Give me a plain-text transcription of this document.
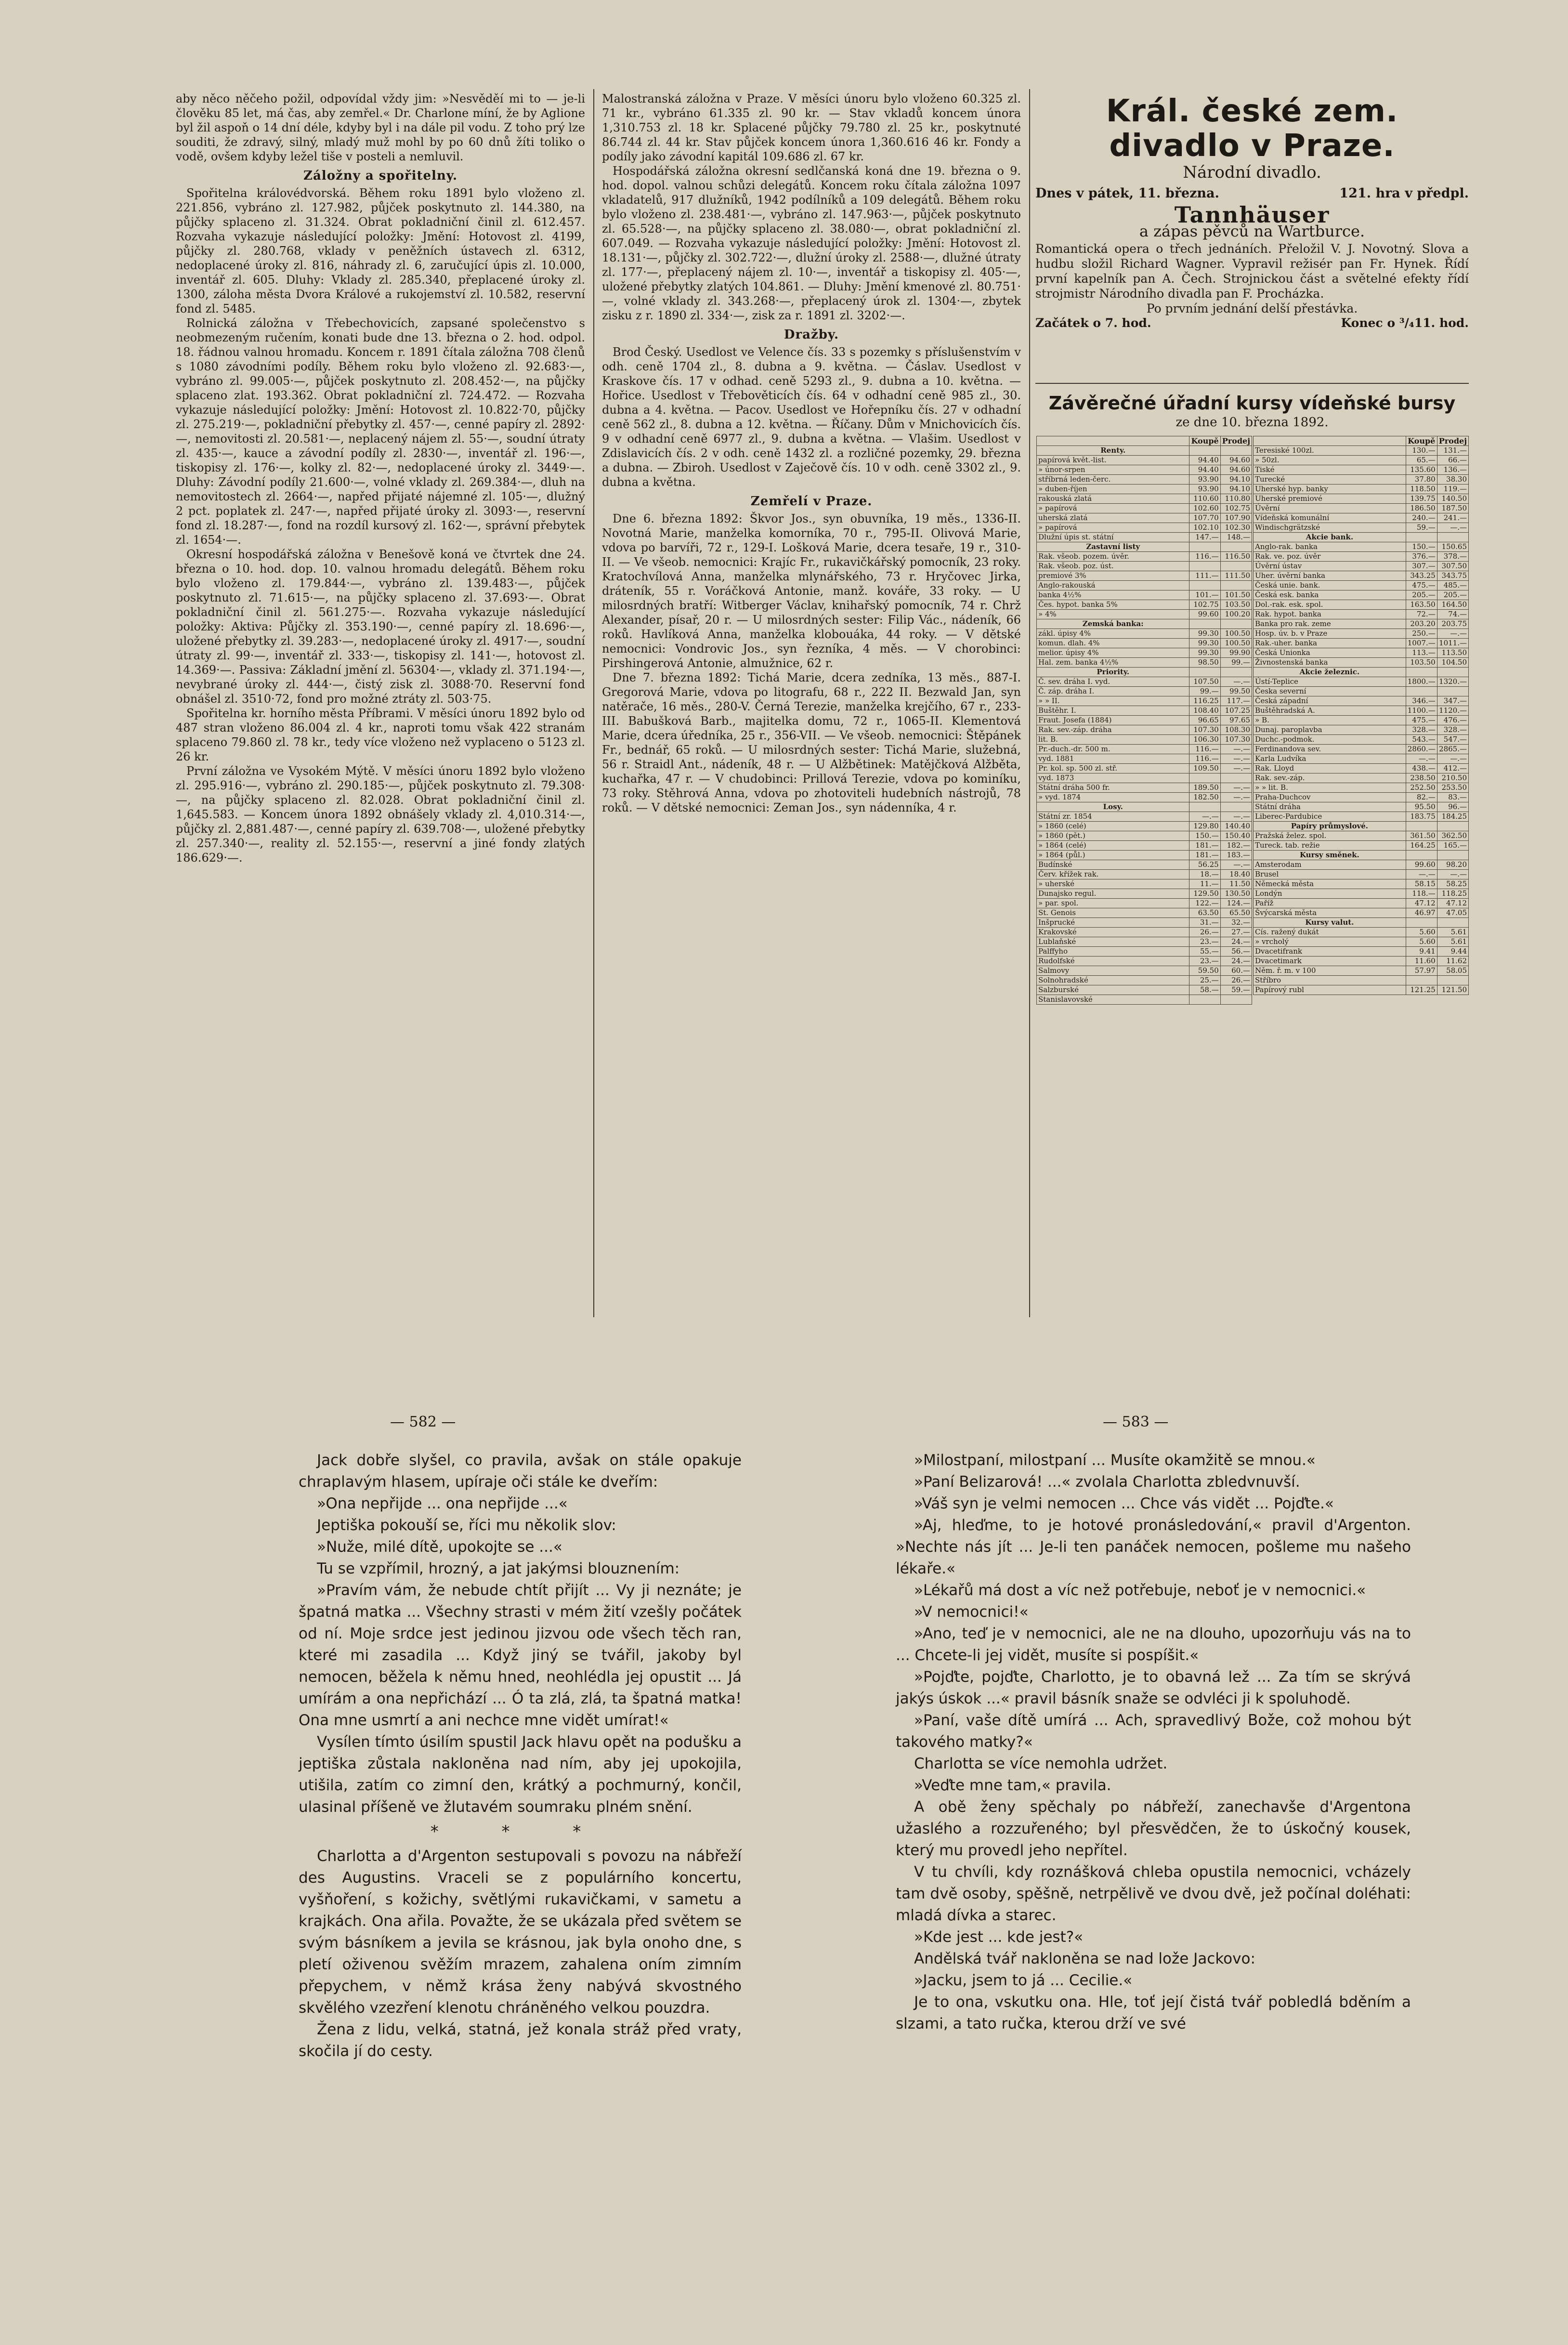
aby něco něčeho požil, odpovídal vždy jim: »Nesvěděí mi to — je-li člověku 85 let, má čas, aby zemřel.« Dr. Charlone míní, že by Aglione byl žil aspoň o 14 dní déle, kdyby byl i na dále pil vodu. Z toho prý lze souditi, že zdravý, silný, mladý muž mohl by po 60 dnů žíti toliko o vodě, ovšem kdyby ležel tiše v posteli a nemluvil.

Záložny a spořitelny.

Spořitelna královédvorská. Během roku 1891 bylo vloženo zl. 221.856, vybráno zl. 127.982, půjček poskytnuto zl. 144.380, na půjčky splaceno zl. 31.324. Obrat pokladniční činil zl. 612.457. Rozvaha vykazuje následující položky: Jmění: Hotovost zl. 4199, půjčky zl. 280.768, vklady v peněžních ústavech zl. 6312, nedoplacené úroky zl. 816, náhrady zl. 6, zaručující úpis zl. 10.000, inventář zl. 605. Dluhy: Vklady zl. 285.340, přeplacené úroky zl. 1300, záloha města Dvora Králové a rukojemství zl. 10.582, reservní fond zl. 5485.

Rolnická záložna v Třebechovicích, zapsané společenstvo s neobmezeným ručením, konati bude dne 13. března o 2. hod. odpol. 18. řádnou valnou hromadu. Koncem r. 1891 čítala záložna 708 členů s 1080 závodními podíly. Během roku bylo vloženo zl. 92.683·—, vybráno zl. 99.005·—, půjček poskytnuto zl. 208.452·—, na půjčky splaceno zlat. 193.362. Obrat pokladniční zl. 724.472. — Rozvaha vykazuje následující položky: Jmění: Hotovost zl. 10.822·70, půjčky zl. 275.219·—, pokladniční přebytky zl. 457·—, cenné papíry zl. 2892·—, nemovitosti zl. 20.581·—, neplacený nájem zl. 55·—, soudní útraty zl. 435·—, kauce a závodní podíly zl. 2830·—, inventář zl. 196·—, tiskopisy zl. 176·—, kolky zl. 82·—, nedoplacené úroky zl. 3449·—. Dluhy: Závodní podíly 21.600·—, volné vklady zl. 269.384·—, dluh na nemovitostech zl. 2664·—, napřed přijaté nájemné zl. 105·—, dlužný 2 pct. poplatek zl. 247·—, napřed přijaté úroky zl. 3093·—, reservní fond zl. 18.287·—, fond na rozdíl kursový zl. 162·—, správní přebytek zl. 1654·—.

Okresní hospodářská záložna v Benešově koná ve čtvrtek dne 24. března o 10. hod. dop. 10. valnou hromadu delegátů. Během roku bylo vloženo zl. 179.844·—, vybráno zl. 139.483·—, půjček poskytnuto zl. 71.615·—, na půjčky splaceno zl. 37.693·—. Obrat pokladniční činil zl. 561.275·—. Rozvaha vykazuje následující položky: Aktiva: Půjčky zl. 353.190·—, cenné papíry zl. 18.696·—, uložené přebytky zl. 39.283·—, nedoplacené úroky zl. 4917·—, soudní útraty zl. 99·—, inventář zl. 333·—, tiskopisy zl. 141·—, hotovost zl. 14.369·—. Passiva: Základní jmění zl. 56304·—, vklady zl. 371.194·—, nevybrané úroky zl. 444·—, čistý zisk zl. 3088·70. Reservní fond obnášel zl. 3510·72, fond pro možné ztráty zl. 503·75.

Spořitelna kr. horního města Příbrami. V měsíci únoru 1892 bylo od 487 stran vloženo 86.004 zl. 4 kr., naproti tomu však 422 stranám splaceno 79.860 zl. 78 kr., tedy více vloženo než vyplaceno o 5123 zl. 26 kr.

První záložna ve Vysokém Mýtě. V měsíci únoru 1892 bylo vloženo zl. 295.916·—, vybráno zl. 290.185·—, půjček poskytnuto zl. 79.308·—, na půjčky splaceno zl. 82.028. Obrat pokladniční činil zl. 1,645.583. — Koncem února 1892 obnášely vklady zl. 4,010.314·—, půjčky zl. 2,881.487·—, cenné papíry zl. 639.708·—, uložené přebytky zl. 257.340·—, reality zl. 52.155·—, reservní a jiné fondy zlatých 186.629·—.

Malostranská záložna v Praze. V měsíci únoru bylo vloženo 60.325 zl. 71 kr., vybráno 61.335 zl. 90 kr. — Stav vkladů koncem února 1,310.753 zl. 18 kr. Splacené půjčky 79.780 zl. 25 kr., poskytnuté 86.744 zl. 44 kr. Stav půjček koncem února 1,360.616 46 kr. Fondy a podíly jako závodní kapitál 109.686 zl. 67 kr.

Hospodářská záložna okresní sedlčanská koná dne 19. března o 9. hod. dopol. valnou schůzi delegátů. Koncem roku čítala záložna 1097 vkladatelů, 917 dlužníků, 1942 podílníků a 109 delegátů. Během roku bylo vloženo zl. 238.481·—, vybráno zl. 147.963·—, půjček poskytnuto zl. 65.528·—, na půjčky splaceno zl. 38.080·—, obrat pokladniční zl. 607.049. — Rozvaha vykazuje následující položky: Jmění: Hotovost zl. 18.131·—, půjčky zl. 302.722·—, dlužní úroky zl. 2588·—, dlužné útraty zl. 177·—, přeplacený nájem zl. 10·—, inventář a tiskopisy zl. 405·—, uložené přebytky zlatých 104.861. — Dluhy: Jmění kmenové zl. 80.751·—, volné vklady zl. 343.268·—, přeplacený úrok zl. 1304·—, zbytek zisku z r. 1890 zl. 334·—, zisk za r. 1891 zl. 3202·—.

Dražby.

Brod Český. Usedlost ve Velence čís. 33 s pozemky s příslušenstvím v odh. ceně 1704 zl., 8. dubna a 9. května. — Čáslav. Usedlost v Kraskove čís. 17 v odhad. ceně 5293 zl., 9. dubna a 10. května. — Hořice. Usedlost v Třebověticích čís. 64 v odhadní ceně 985 zl., 30. dubna a 4. května. — Pacov. Usedlost ve Hořepníku čís. 27 v odhadní ceně 562 zl., 8. dubna a 12. května. — Říčany. Dům v Mnichovicích čís. 9 v odhadní ceně 6977 zl., 9. dubna a května. — Vlašim. Usedlost v Zdislavicích čís. 2 v odh. ceně 1432 zl. a rozličné pozemky, 29. března a dubna. — Zbiroh. Usedlost v Zaječově čís. 10 v odh. ceně 3302 zl., 9. dubna a května.

Zemřelí v Praze.

Dne 6. března 1892: Škvor Jos., syn obuvníka, 19 měs., 1336-II. Novotná Marie, manželka komorníka, 70 r., 795-II. Olivová Marie, vdova po barvíři, 72 r., 129-I. Lošková Marie, dcera tesaře, 19 r., 310-II. — Ve všeob. nemocnici: Krajíc Fr., rukavičkářský pomocník, 23 roky. Kratochvílová Anna, manželka mlynářského, 73 r. Hryčovec Jirka, dráteník, 55 r. Voráčková Antonie, manž. kováře, 33 roky. — U milosrdných bratří: Witberger Václav, knihařský pomocník, 74 r. Chrž Alexander, písař, 20 r. — U milosrdných sester: Filip Vác., nádeník, 66 roků. Havlíková Anna, manželka klobouáka, 44 roky. — V dětské nemocnici: Vondrovic Jos., syn řezníka, 4 měs. — V chorobinci: Pirshingerová Antonie, almužnice, 62 r.

Dne 7. března 1892: Tichá Marie, dcera zedníka, 13 měs., 887-I. Gregorová Marie, vdova po litografu, 68 r., 222 II. Bezwald Jan, syn natěrače, 16 měs., 280-V. Černá Terezie, manželka krejčího, 67 r., 233-III. Babušková Barb., majitelka domu, 72 r., 1065-II. Klementová Marie, dcera úředníka, 25 r., 356-VII. — Ve všeob. nemocnici: Štěpánek Fr., bednář, 65 roků. — U milosrdných sester: Tichá Marie, služebná, 56 r. Straidl Ant., nádeník, 48 r. — U Alžbětinek: Matějčková Alžběta, kuchařka, 47 r. — V chudobinci: Prillová Terezie, vdova po kominíku, 73 roky. Stěhrová Anna, vdova po zhotoviteli hudebních nástrojů, 78 roků. — V dětské nemocnici: Zeman Jos., syn nádenníka, 4 r.

Král. české zem. divadlo v Praze.
Národní divadlo.
Dnes v pátek, 11. března.	121. hra v předpl.
Tannhäuser
a zápas pěvců na Wartburce.
Romantická opera o třech jednáních. Přeložil V. J. Novotný. Slova a hudbu složil Richard Wagner. Vypravil režisér pan Fr. Hynek. Řídí první kapelník pan A. Čech. Strojnickou část a světelné efekty řídí strojmistr Národního divadla pan F. Procházka.
Po prvním jednání delší přestávka.
Začátek o 7. hod.	Konec o ³/₄11. hod.
Závěrečné úřadní kursy vídeňské bursy
ze dne 10. března 1892.
	Koupě	Prodej
Renty.		
papírová květ.-list.	94.40	94.60
» únor-srpen	94.40	94.60
stříbrná leden-čerc.	93.90	94.10
» duben-říjen	93.90	94.10
rakouská zlatá	110.60	110.80
» papírová	102.60	102.75
uherská zlatá	107.70	107.90
» papírová	102.10	102.30
Dlužní úpis st. státní	147.—	148.—
Zastavní listy		
Rak. všeob. pozem. úvěr.	116.—	116.50
Rak. všeob. poz. úst.		
premiové 3%	111.—	111.50
Anglo-rakouská		
banka 4½%	101.—	101.50
Čes. hypot. banka 5%	102.75	103.50
» 4%	99.60	100.20
Zemská banka:		
zákl. úpisy 4%	99.30	100.50
komun. dlah. 4%	99.30	100.50
melior. úpisy 4%	99.30	99.90
Hal. zem. banka 4½%	98.50	99.—
Priority.		
Č. sev. dráha I. vyd.	107.50	—.—
Č. záp. dráha I.	99.—	99.50
» » II.	116.25	117.—
Buštěhr. I.	108.40	107.25
Fraut. Josefa (1884)	96.65	97.65
Rak. sev.-záp. dráha	107.30	108.30
lit. B.	106.30	107.30
Pr.-duch.-dr. 500 m.	116.—	—.—
vyd. 1881	116.—	—.—
Pr. kol. sp. 500 zl. stř.	109.50	—.—
vyd. 1873		
Státní dráha 500 fr.	189.50	—.—
» vyd. 1874	182.50	—.—
Losy.		
Státní zr. 1854	—.—	—.—
» 1860 (celé)	129.80	140.40
» 1860 (pět.)	150.—	150.40
» 1864 (celé)	181.—	182.—
» 1864 (půl.)	181.—	183.—
Budínské	56.25	—.—
Červ. křížek rak.	18.—	18.40
» uherské	11.—	11.50
Dunajsko regul.	129.50	130.50
» par. spol.	122.—	124.—
St. Genois	63.50	65.50
Inšprucké	31.—	32.—
Krakovské	26.—	27.—
Lublaňské	23.—	24.—
Palffyho	55.—	56.—
Rudolfské	23.—	24.—
Salmovy	59.50	60.—
Solnohradské	25.—	26.—
Salzburské	58.—	59.—
Stanislavovské		
	Koupě	Prodej
Teresiské 100zl.	130.—	131.—
» 50zl.	65.—	66.—
Tiské	135.60	136.—
Turecké	37.80	38.30
Uherské hyp. banky	118.50	119.—
Uherské premiové	139.75	140.50
Úvěrní	186.50	187.50
Vídeňská komunální	240.—	241.—
Windischgrätzské	59.—	—.—
Akcie bank.		
Anglo-rak. banka	150.—	150.65
Rak. ve. poz. úvěr	376.—	378.—
Úvěrní ústav	307.—	307.50
Uher. úvěrní banka	343.25	343.75
Česká unie. bank.	475.—	485.—
Česká esk. banka	205.—	205.—
Dol.-rak. esk. spol.	163.50	164.50
Rak. hypot. banka	72.—	74.—
Banka pro rak. zeme	203.20	203.75
Hosp. úv. b. v Praze	250.—	—.—
Rak.-uher. banka	1007.—	1011.—
Česká Unionka	113.—	113.50
Živnostenská banka	103.50	104.50
Akcie železnic.		
Ústí-Teplice	1800.—	1320.—
Česka severní		
Česká západní	346.—	347.—
Buštěhradská A.	1100.—	1120.—
» B.	475.—	476.—
Dunaj. paroplavba	328.—	328.—
Duchc.-podmok.	543.—	547.—
Ferdinandova sev.	2860.—	2865.—
Karla Ludvíka	—.—	—.—
Rak. Lloyd	438.—	412.—
Rak. sev.-záp.	238.50	210.50
» » lit. B.	252.50	253.50
Praha-Duchcov	82.—	83.—
Státní dráha	95.50	96.—
Liberec-Pardubice	183.75	184.25
Papíry průmyslové.		
Pražská želez. spol.	361.50	362.50
Tureck. tab. režie	164.25	165.—
Kursy směnek.		
Amsterodam	99.60	98.20
Brusel	—.—	—.—
Německá města	58.15	58.25
Londýn	118.—	118.25
Paříž	47.12	47.12
Švýcarská města	46.97	47.05
Kursy valut.		
Cís. ražený dukát	5.60	5.61
» vrcholý	5.60	5.61
Dvacetifrank	9.41	9.44
Dvacetimark	11.60	11.62
Něm. ř. m. v 100	57.97	58.05
Stříbro		
Papírový rubl	121.25	121.50
— 582 —	— 583 —

Jack dobře slyšel, co pravila, avšak on stále opakuje chraplavým hlasem, upíraje oči stále ke dveřím:

»Ona nepřijde ... ona nepřijde ...«

Jeptiška pokouší se, říci mu několik slov:

»Nuže, milé dítě, upokojte se ...«

Tu se vzpřímil, hrozný, a jat jakýmsi blouznením:

»Pravím vám, že nebude chtít přijít ... Vy ji neznáte; je špatná matka ... Všechny strasti v mém žití vzešly počátek od ní. Moje srdce jest jedinou jizvou ode všech těch ran, které mi zasadila ... Když jiný se tvářil, jakoby byl nemocen, běžela k němu hned, neohlédla jej opustit ... Já umírám a ona nepřichází ... Ó ta zlá, zlá, ta špatná matka! Ona mne usmrtí a ani nechce mne vidět umírat!«

Vysílen tímto úsilím spustil Jack hlavu opět na podušku a jeptiška zůstala nakloněna nad ním, aby jej upokojila, utišila, zatím co zimní den, krátký a pochmurný, končil, ulasinal příšeně ve žlutavém soumraku plném snění.

* * *

Charlotta a d'Argenton sestupovali s povozu na nábřeží des Augustins. Vraceli se z populárního koncertu, vyšňoření, s kožichy, světlými rukavičkami, v sametu a krajkách. Ona ařila. Považte, že se ukázala před světem se svým básníkem a jevila se krásnou, jak byla onoho dne, s pletí oživenou svěžím mrazem, zahalena oním zimním přepychem, v němž krása ženy nabývá skvostného skvělého vzezření klenotu chráněného velkou pouzdra.

Žena z lidu, velká, statná, jež konala stráž před vraty, skočila jí do cesty.

»Milostpaní, milostpaní ... Musíte okamžitě se mnou.«

»Paní Belizarová! ...« zvolala Charlotta zbledvnuvší.

»Váš syn je velmi nemocen ... Chce vás vidět ... Pojďte.«

»Aj, hleďme, to je hotové pronásledování,« pravil d'Argenton. »Nechte nás jít ... Je-li ten panáček nemocen, pošleme mu našeho lékaře.«

»Lékařů má dost a víc než potřebuje, neboť je v nemocnici.«

»V nemocnici!«

»Ano, teď je v nemocnici, ale ne na dlouho, upozorňuju vás na to ... Chcete-li jej vidět, musíte si pospíšit.«

»Pojďte, pojďte, Charlotto, je to obavná lež ... Za tím se skrývá jakýs úskok ...« pravil básník snaže se odvléci ji k spoluhodě.

»Paní, vaše dítě umírá ... Ach, spravedlivý Bože, což mohou být takového matky?«

Charlotta se více nemohla udržet.

»Veďte mne tam,« pravila.

A obě ženy spěchaly po nábřeží, zanechavše d'Argentona užaslého a rozzuřeného; byl přesvědčen, že to úskočný kousek, který mu provedl jeho nepřítel.

V tu chvíli, kdy roznášková chleba opustila nemocnici, vcházely tam dvě osoby, spěšně, netrpělivě ve dvou dvě, jež počínal doléhati: mladá dívka a starec.

»Kde jest ... kde jest?«

Andělská tvář nakloněna se nad lože Jackovo:

»Jacku, jsem to já ... Cecilie.«

Je to ona, vskutku ona. Hle, toť její čistá tvář pobledlá bděním a slzami, a tato ručka, kterou drží ve své
